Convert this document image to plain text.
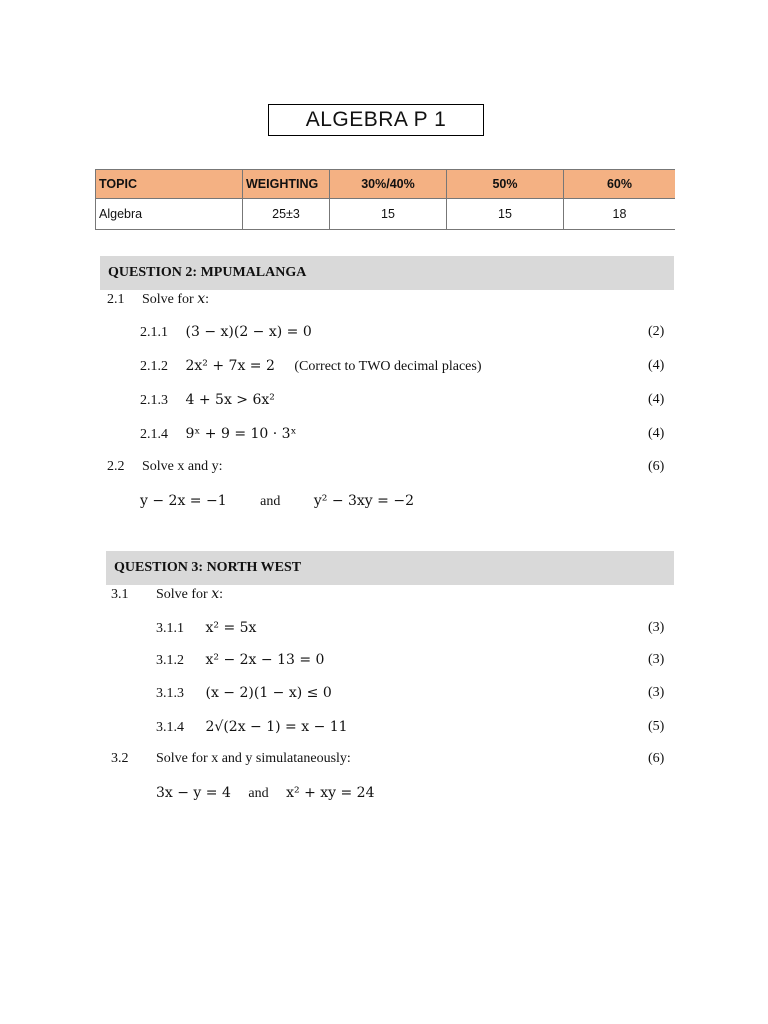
ALGEBRA P 1
TOPIC	WEIGHTING	30%/40%	50%	60%
Algebra	25±3	15	15	18
QUESTION 2: MPUMALANGA
2.1 Solve for x:
2.1.1 (3 − x)(2 − x) = 0	(2)
2.1.2 2x² + 7x = 2 (Correct to TWO decimal places)	(4)
2.1.3 4 + 5x > 6x²	(4)
2.1.4 9ˣ + 9 = 10 · 3ˣ	(4)
2.2 Solve x and y:	(6)
y − 2x = −1 and y² − 3xy = −2
QUESTION 3: NORTH WEST
3.1 Solve for x:
3.1.1 x² = 5x	(3)
3.1.2 x² − 2x − 13 = 0	(3)
3.1.3 (x − 2)(1 − x) ≤ 0	(3)
3.1.4 2√(2x − 1) = x − 11	(5)
3.2 Solve for x and y simulataneously:	(6)
3x − y = 4 and x² + xy = 24
